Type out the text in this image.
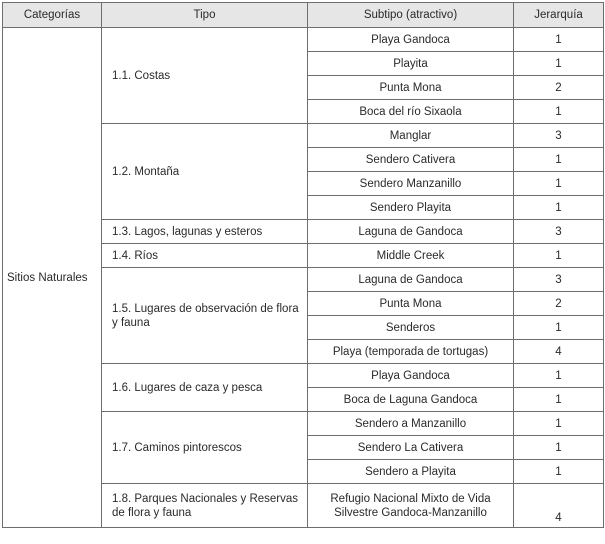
Categorías	Tipo	Subtipo (atractivo)	Jerarquía
Sitios Naturales	1.1. Costas	Playa Gandoca	1
		Playita	1
		Punta Mona	2
		Boca del río Sixaola	1
	1.2. Montaña	Manglar	3
		Sendero Cativera	1
		Sendero Manzanillo	1
		Sendero Playita	1
	1.3. Lagos, lagunas y esteros	Laguna de Gandoca	3
	1.4. Ríos	Middle Creek	1
	1.5. Lugares de observación de flora y fauna	Laguna de Gandoca	3
		Punta Mona	2
		Senderos	1
		Playa (temporada de tortugas)	4
	1.6. Lugares de caza y pesca	Playa Gandoca	1
		Boca de Laguna Gandoca	1
	1.7. Caminos pintorescos	Sendero a Manzanillo	1
		Sendero La Cativera	1
		Sendero a Playita	1
	1.8. Parques Nacionales y Reservas de flora y fauna	Refugio Nacional Mixto de Vida Silvestre Gandoca-Manzanillo	4
